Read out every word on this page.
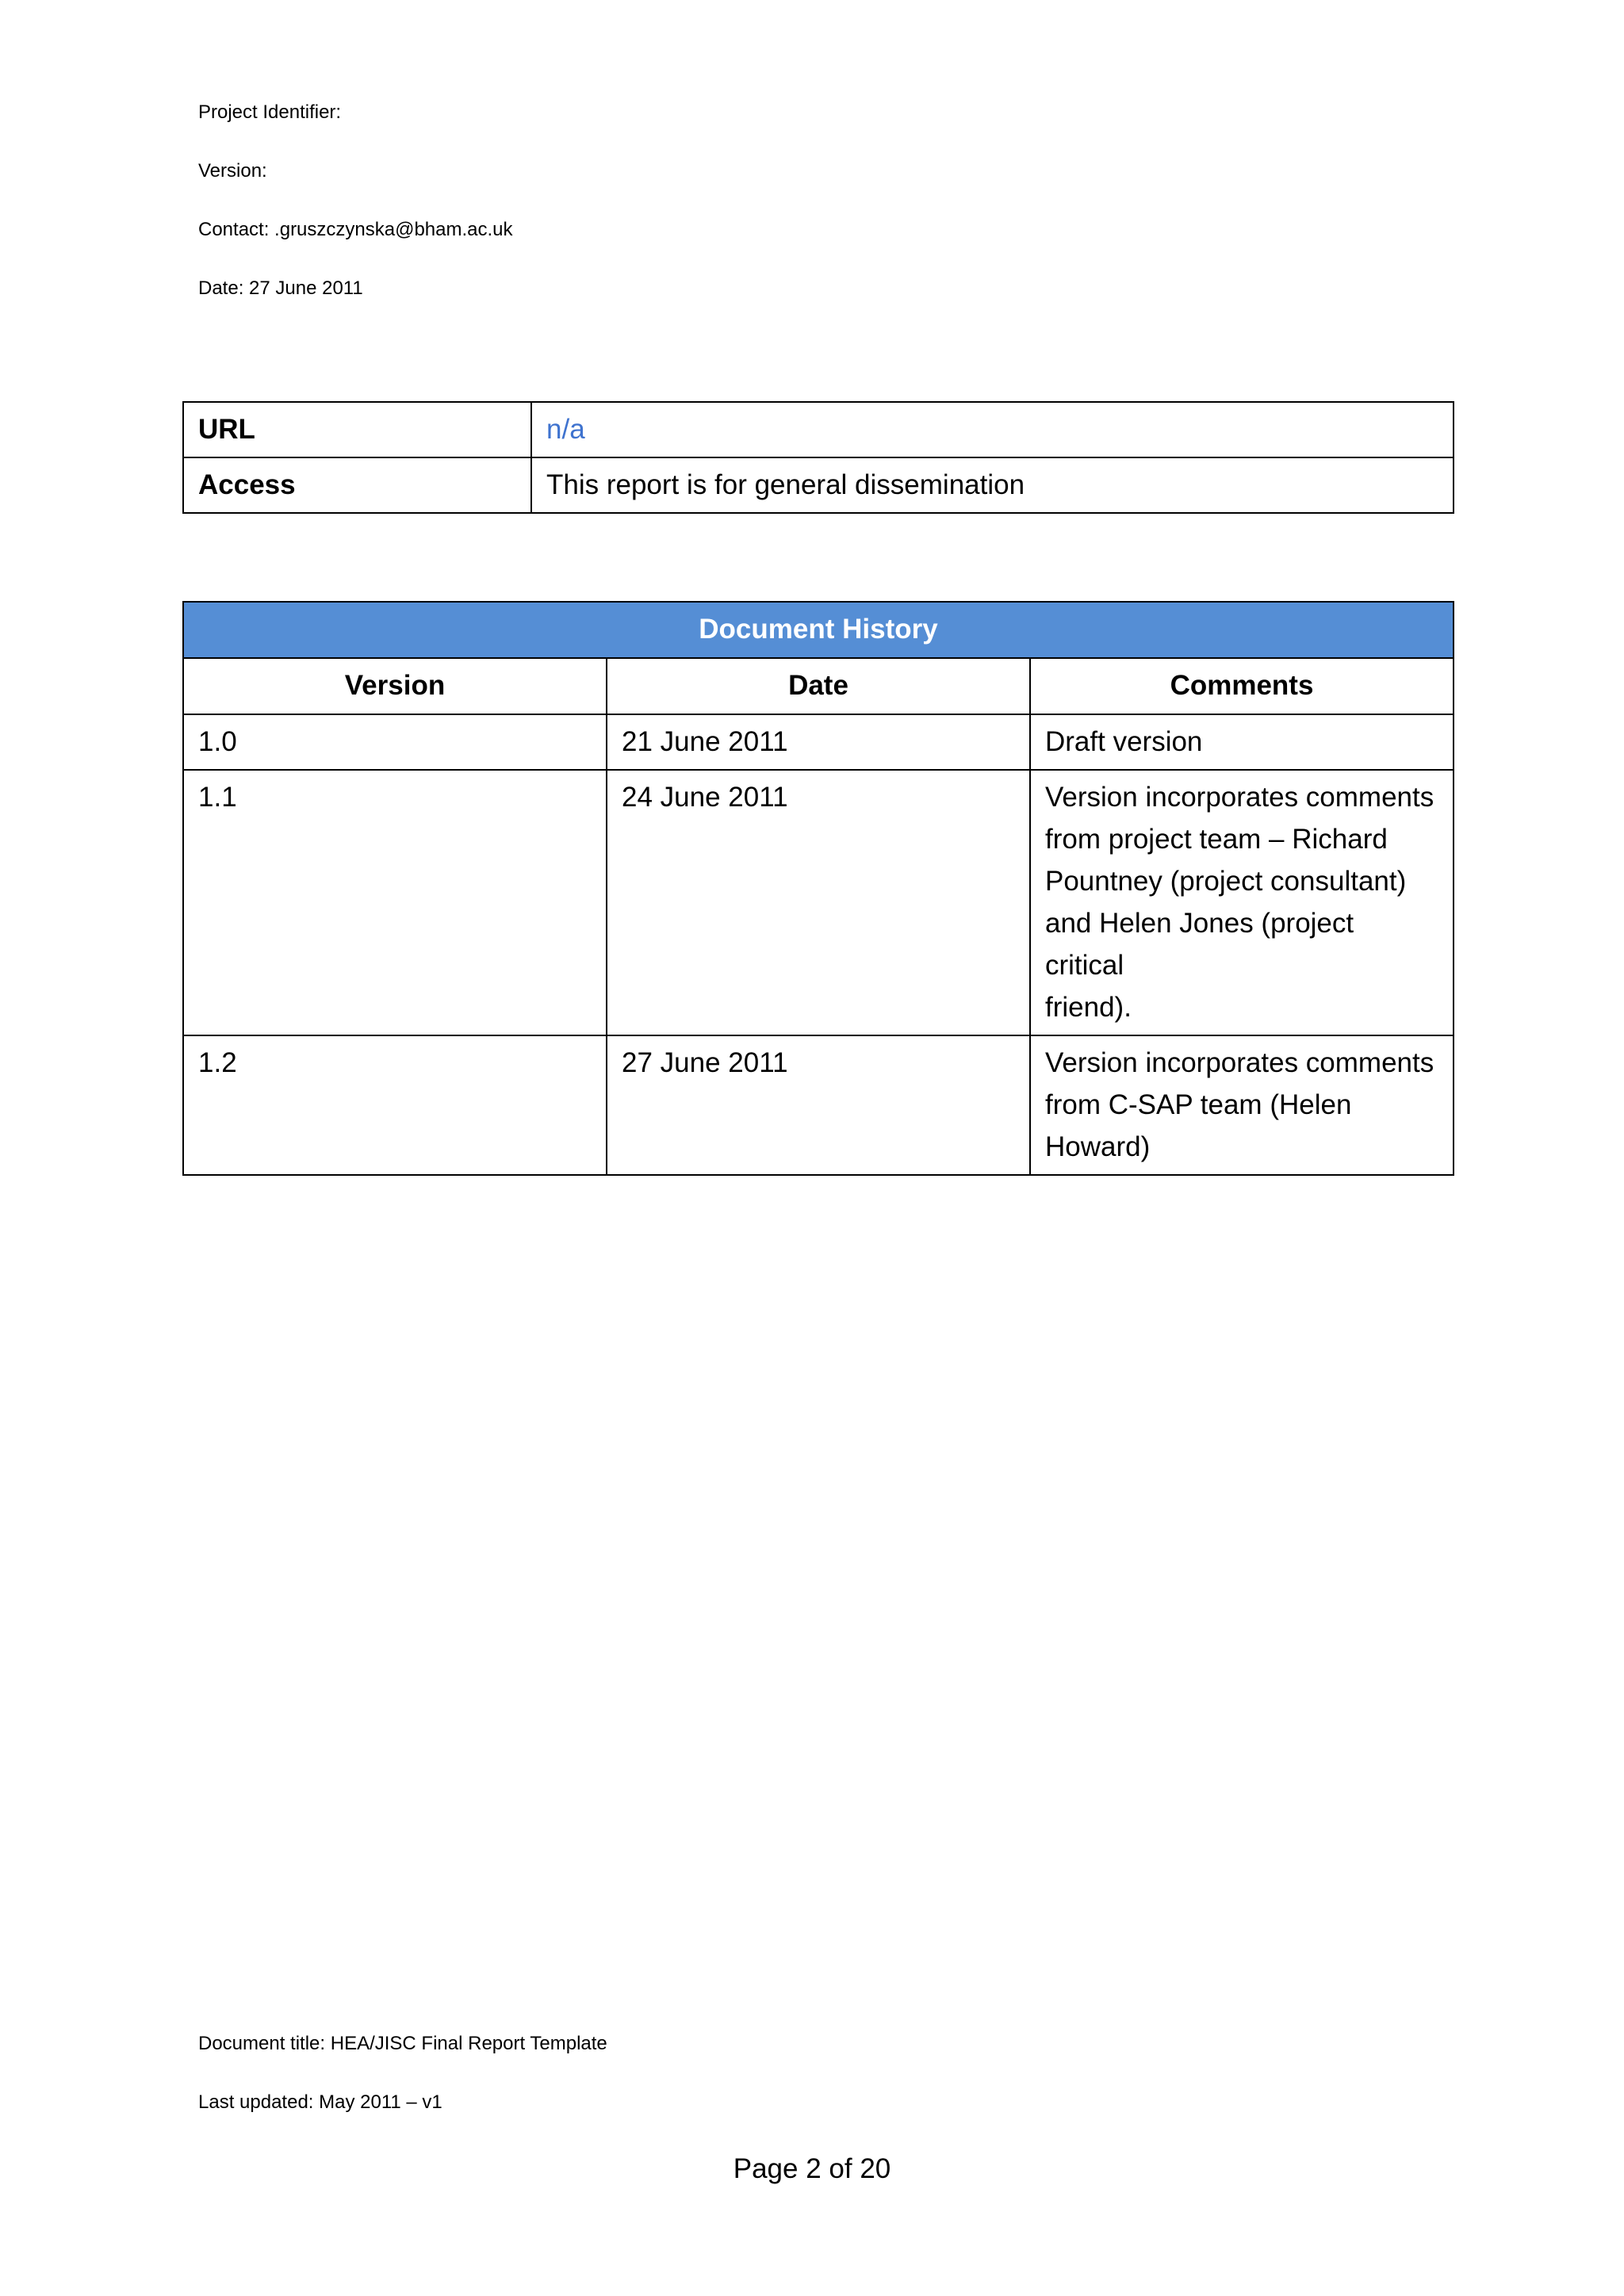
Project Identifier:
Version:
Contact: .gruszczynska@bham.ac.uk
Date: 27 June 2011
URL	n/a
Access	This report is for general dissemination
Document History		
Version	Date	Comments
1.0	21 June 2011	Draft version
1.1	24 June 2011	Version incorporates comments from project team – Richard
Pountney (project consultant) and Helen Jones (project critical
friend).
1.2	27 June 2011	Version incorporates comments from C-SAP team (Helen
Howard)
Document title: HEA/JISC Final Report Template
Last updated: May 2011 – v1
Page 2 of 20
